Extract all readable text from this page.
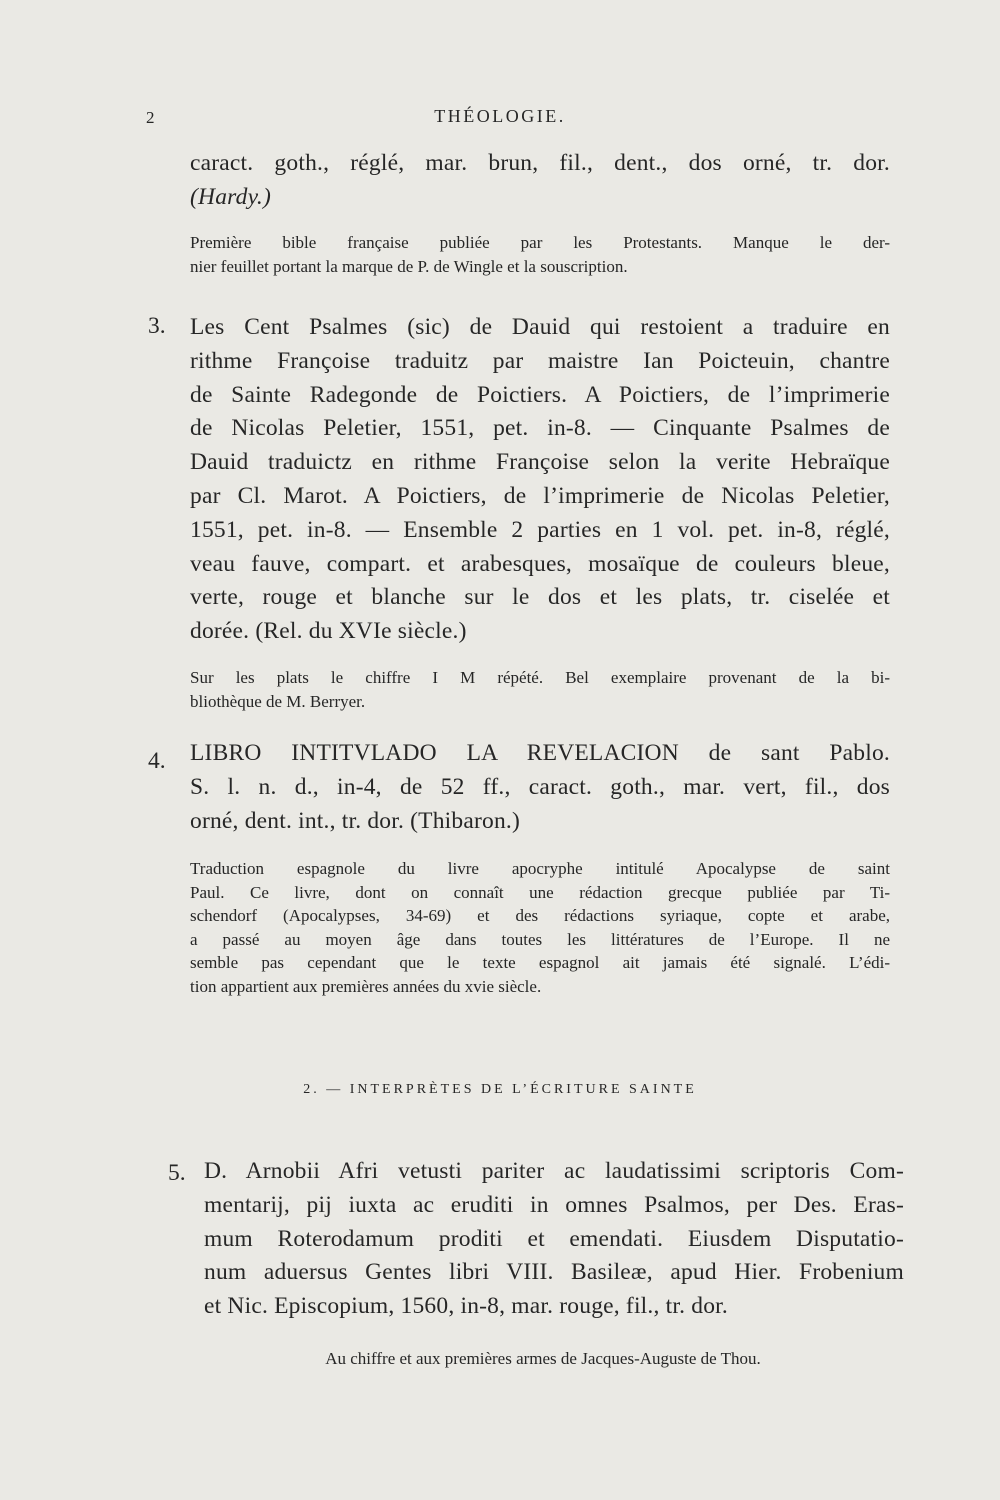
2	THÉOLOGIE.
caract. goth., réglé, mar. brun, fil., dent., dos orné, tr. dor.
(Hardy.)
Première bible française publiée par les Protestants. Manque le der-
nier feuillet portant la marque de P. de Wingle et la souscription.
3. Les Cent Psalmes (sic) de Dauid qui restoient a traduire en
rithme Françoise traduitz par maistre Ian Poicteuin, chantre
de Sainte Radegonde de Poictiers. A Poictiers, de l’imprimerie
de Nicolas Peletier, 1551, pet. in-8. — Cinquante Psalmes de
Dauid traduictz en rithme Françoise selon la verite Hebraïque
par Cl. Marot. A Poictiers, de l’imprimerie de Nicolas Peletier,
1551, pet. in-8. — Ensemble 2 parties en 1 vol. pet. in-8, réglé,
veau fauve, compart. et arabesques, mosaïque de couleurs bleue,
verte, rouge et blanche sur le dos et les plats, tr. ciselée et
dorée. (Rel. du XVIe siècle.)
Sur les plats le chiffre I M répété. Bel exemplaire provenant de la bi-
bliothèque de M. Berryer.
4. LIBRO INTITVLADO LA REVELACION de sant Pablo.
S. l. n. d., in-4, de 52 ff., caract. goth., mar. vert, fil., dos
orné, dent. int., tr. dor. (Thibaron.)
Traduction espagnole du livre apocryphe intitulé Apocalypse de saint
Paul. Ce livre, dont on connaît une rédaction grecque publiée par Ti-
schendorf (Apocalypses, 34-69) et des rédactions syriaque, copte et arabe,
a passé au moyen âge dans toutes les littératures de l’Europe. Il ne
semble pas cependant que le texte espagnol ait jamais été signalé. L’édi-
tion appartient aux premières années du xvie siècle.
2. — INTERPRÈTES DE L’ÉCRITURE SAINTE
5. D. Arnobii Afri vetusti pariter ac laudatissimi scriptoris Com-
mentarij, pij iuxta ac eruditi in omnes Psalmos, per Des. Eras-
mum Roterodamum proditi et emendati. Eiusdem Disputatio-
num aduersus Gentes libri VIII. Basileæ, apud Hier. Frobenium
et Nic. Episcopium, 1560, in-8, mar. rouge, fil., tr. dor.
Au chiffre et aux premières armes de Jacques-Auguste de Thou.
